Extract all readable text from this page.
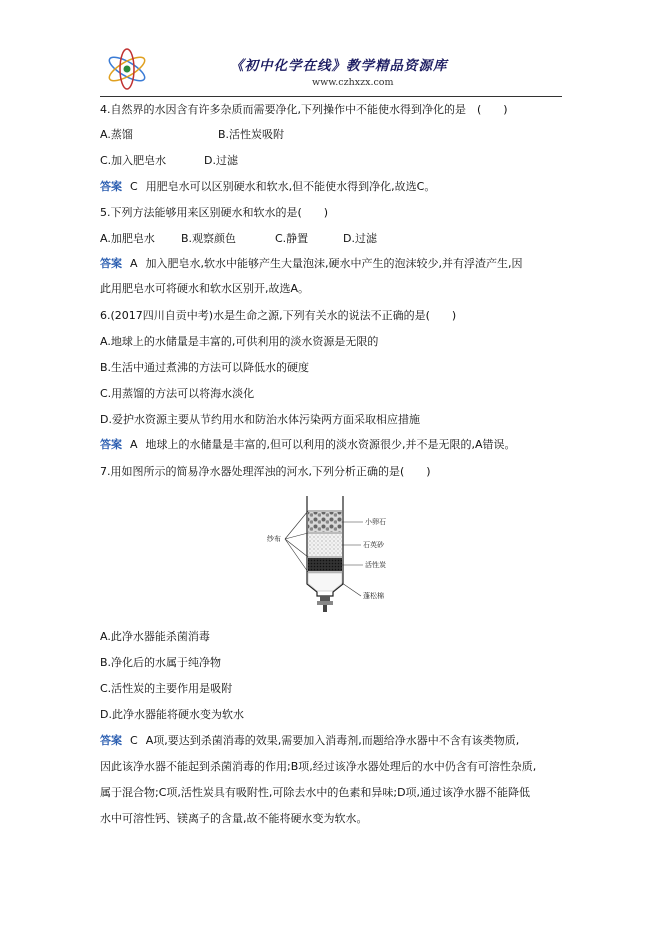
《初中化学在线》教学精品资源库
www.czhxzx.com
4.自然界的水因含有许多杂质而需要净化,下列操作中不能使水得到净化的是　(　　)
A.蒸馏	B.活性炭吸附
C.加入肥皂水	D.过滤
答案 C 用肥皂水可以区别硬水和软水,但不能使水得到净化,故选C。
5.下列方法能够用来区别硬水和软水的是(　　)
A.加肥皂水 B.观察颜色	C.静置	D.过滤
答案 A 加入肥皂水,软水中能够产生大量泡沫,硬水中产生的泡沫较少,并有浮渣产生,因
此用肥皂水可将硬水和软水区别开,故选A。
6.(2017四川自贡中考)水是生命之源,下列有关水的说法不正确的是(　　)
A.地球上的水储量是丰富的,可供利用的淡水资源是无限的
B.生活中通过煮沸的方法可以降低水的硬度
C.用蒸馏的方法可以将海水淡化
D.爱护水资源主要从节约用水和防治水体污染两方面采取相应措施
答案 A 地球上的水储量是丰富的,但可以利用的淡水资源很少,并不是无限的,A错误。
7.用如图所示的简易净水器处理浑浊的河水,下列分析正确的是(　　)
纱布
小卵石
石英砂
活性炭
蓬松棉
A.此净水器能杀菌消毒
B.净化后的水属于纯净物
C.活性炭的主要作用是吸附
D.此净水器能将硬水变为软水
答案 C A项,要达到杀菌消毒的效果,需要加入消毒剂,而题给净水器中不含有该类物质,
因此该净水器不能起到杀菌消毒的作用;B项,经过该净水器处理后的水中仍含有可溶性杂质,
属于混合物;C项,活性炭具有吸附性,可除去水中的色素和异味;D项,通过该净水器不能降低
水中可溶性钙、镁离子的含量,故不能将硬水变为软水。
